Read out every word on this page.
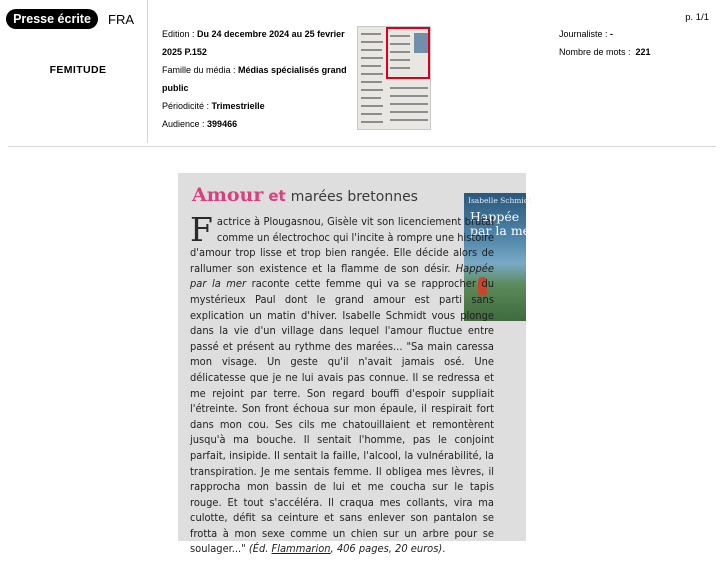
Presse écrite	FRA
FEMITUDE
Edition : Du 24 decembre 2024 au 25 fevrier 2025 P.152
Famille du média : Médias spécialisés grand public
Périodicité : Trimestrielle
Audience : 399466
Journaliste : -
Nombre de mots : 221
p. 1/1
Amour et marées bretonnes	Isabelle Schmidt
Happée
par la mer

Factrice à Plougasnou, Gisèle vit son licenciement brutal comme un électrochoc qui l'incite à rompre une histoire d'amour trop lisse et trop bien rangée. Elle décide alors de rallumer son existence et la flamme de son désir. Happée par la mer raconte cette femme qui va se rapprocher du mystérieux Paul dont le grand amour est parti sans explication un matin d'hiver. Isabelle Schmidt vous plonge dans la vie d'un village dans lequel l'amour fluctue entre passé et présent au rythme des marées... "Sa main caressa mon visage. Un geste qu'il n'avait jamais osé. Une délicatesse que je ne lui avais pas connue. Il se redressa et me rejoint par terre. Son regard bouffi d'espoir suppliait l'étreinte. Son front échoua sur mon épaule, il respirait fort dans mon cou. Ses cils me chatouillaient et remontèrent jusqu'à ma bouche. Il sentait l'homme, pas le conjoint parfait, insipide. Il sentait la faille, l'alcool, la vulnérabilité, la transpiration. Je me sentais femme. Il obligea mes lèvres, il rapprocha mon bassin de lui et me coucha sur le tapis rouge. Et tout s'accéléra. Il craqua mes collants, vira ma culotte, défit sa ceinture et sans enlever son pantalon se frotta à mon sexe comme un chien sur un arbre pour se soulager..." (Éd. Flammarion, 406 pages, 20 euros).
